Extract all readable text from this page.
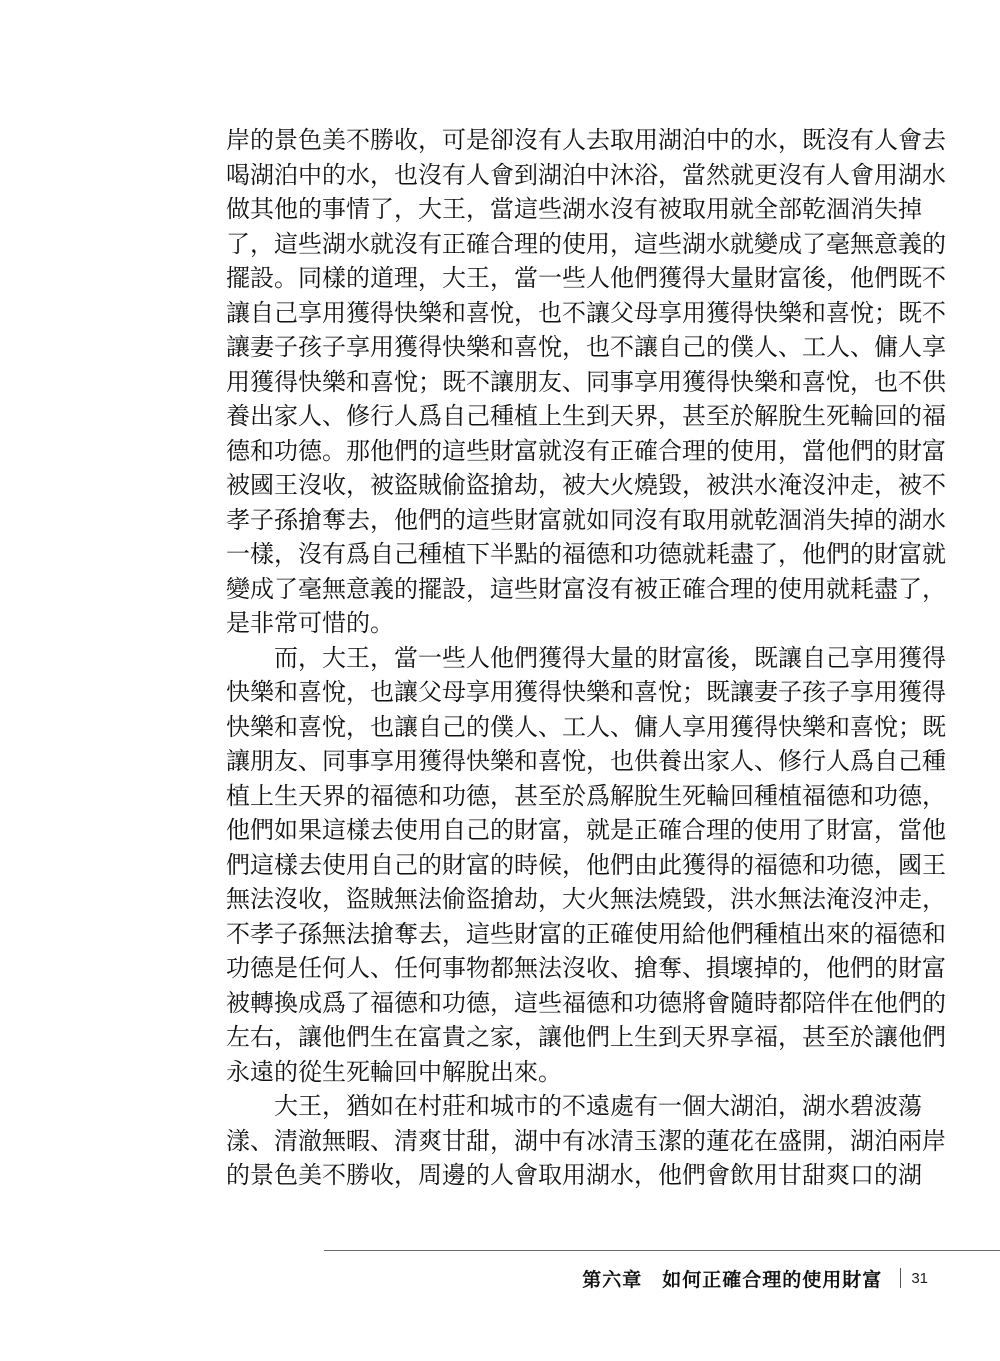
岸的景色美不勝收，可是卻沒有人去取用湖泊中的水，既沒有人會去
喝湖泊中的水，也沒有人會到湖泊中沐浴，當然就更沒有人會用湖水
做其他的事情了，大王，當這些湖水沒有被取用就全部乾涸消失掉
了，這些湖水就沒有正確合理的使用，這些湖水就變成了毫無意義的
擺設。同樣的道理，大王，當一些人他們獲得大量財富後，他們既不
讓自己享用獲得快樂和喜悅，也不讓父母享用獲得快樂和喜悅；既不
讓妻子孩子享用獲得快樂和喜悅，也不讓自己的僕人、工人、傭人享
用獲得快樂和喜悅；既不讓朋友、同事享用獲得快樂和喜悅，也不供
養出家人、修行人爲自己種植上生到天界，甚至於解脫生死輪回的福
德和功德。那他們的這些財富就沒有正確合理的使用，當他們的財富
被國王沒收，被盜賊偷盜搶劫，被大火燒毀，被洪水淹沒沖走，被不
孝子孫搶奪去，他們的這些財富就如同沒有取用就乾涸消失掉的湖水
一樣，沒有爲自己種植下半點的福德和功德就耗盡了，他們的財富就
變成了毫無意義的擺設，這些財富沒有被正確合理的使用就耗盡了，
是非常可惜的。
　　而，大王，當一些人他們獲得大量的財富後，既讓自己享用獲得
快樂和喜悅，也讓父母享用獲得快樂和喜悅；既讓妻子孩子享用獲得
快樂和喜悅，也讓自己的僕人、工人、傭人享用獲得快樂和喜悅；既
讓朋友、同事享用獲得快樂和喜悅，也供養出家人、修行人爲自己種
植上生天界的福德和功德，甚至於爲解脫生死輪回種植福德和功德，
他們如果這樣去使用自己的財富，就是正確合理的使用了財富，當他
們這樣去使用自己的財富的時候，他們由此獲得的福德和功德，國王
無法沒收，盜賊無法偷盜搶劫，大火無法燒毀，洪水無法淹沒沖走，
不孝子孫無法搶奪去，這些財富的正確使用給他們種植出來的福德和
功德是任何人、任何事物都無法沒收、搶奪、損壞掉的，他們的財富
被轉換成爲了福德和功德，這些福德和功德將會隨時都陪伴在他們的
左右，讓他們生在富貴之家，讓他們上生到天界享福，甚至於讓他們
永遠的從生死輪回中解脫出來。
　　大王，猶如在村莊和城市的不遠處有一個大湖泊，湖水碧波蕩
漾、清澈無暇、清爽甘甜，湖中有冰清玉潔的蓮花在盛開，湖泊兩岸
的景色美不勝收，周邊的人會取用湖水，他們會飲用甘甜爽口的湖
第六章　如何正確合理的使用財富 31
